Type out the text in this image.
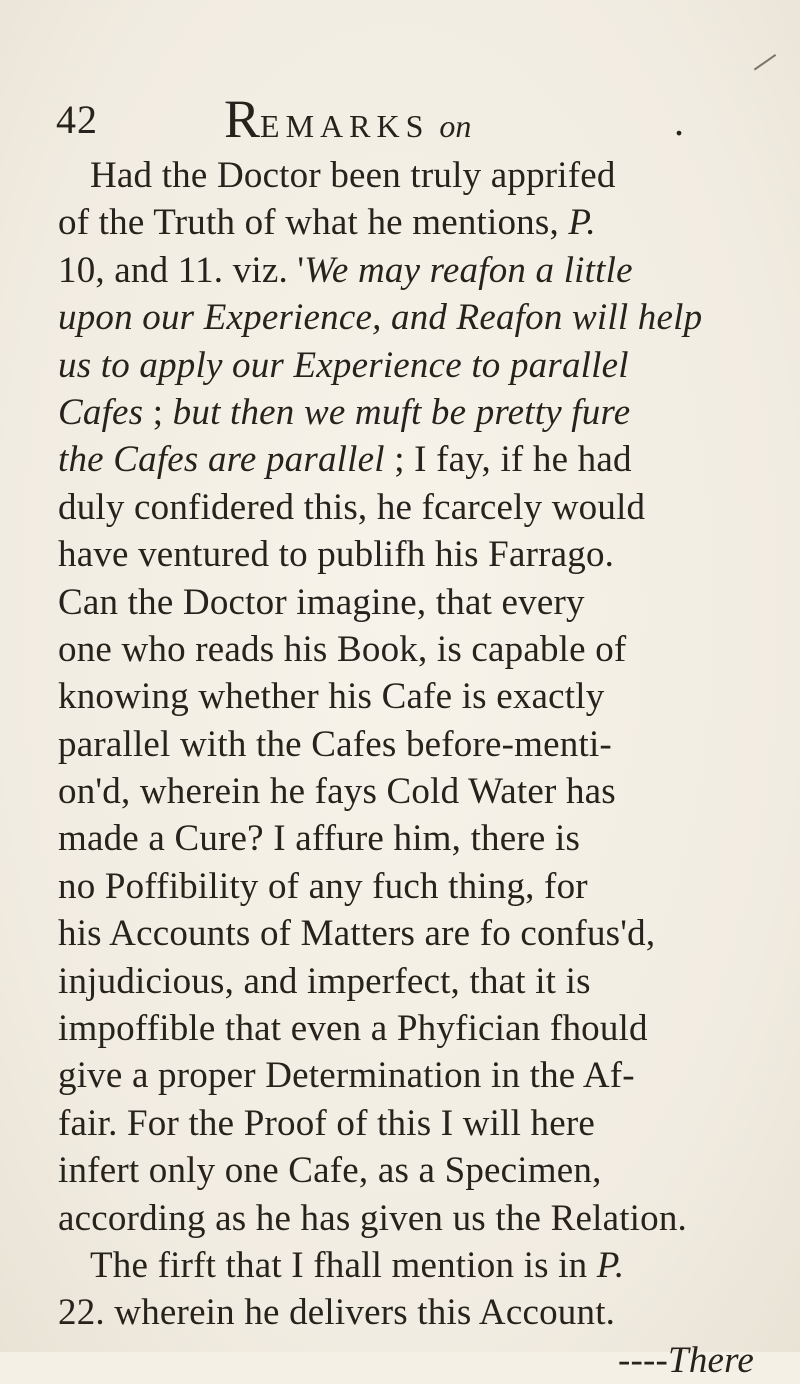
42 REMARKS on	.
Had the Doctor been truly apprifed
of the Truth of what he mentions, P.
10, and 11. viz. 'We may reafon a little
upon our Experience, and Reafon will help
us to apply our Experience to parallel
Cafes ; but then we muft be pretty fure
the Cafes are parallel ; I fay, if he had
duly confidered this, he fcarcely would
have ventured to publifh his Farrago.
Can the Doctor imagine, that every
one who reads his Book, is capable of
knowing whether his Cafe is exactly
parallel with the Cafes before-menti-
on'd, wherein he fays Cold Water has
made a Cure? I affure him, there is
no Poffibility of any fuch thing, for
his Accounts of Matters are fo confus'd,
injudicious, and imperfect, that it is
impoffible that even a Phyfician fhould
give a proper Determination in the Af-
fair. For the Proof of this I will here
infert only one Cafe, as a Specimen,
according as he has given us the Relation.
The firft that I fhall mention is in P.
22. wherein he delivers this Account.
----There
